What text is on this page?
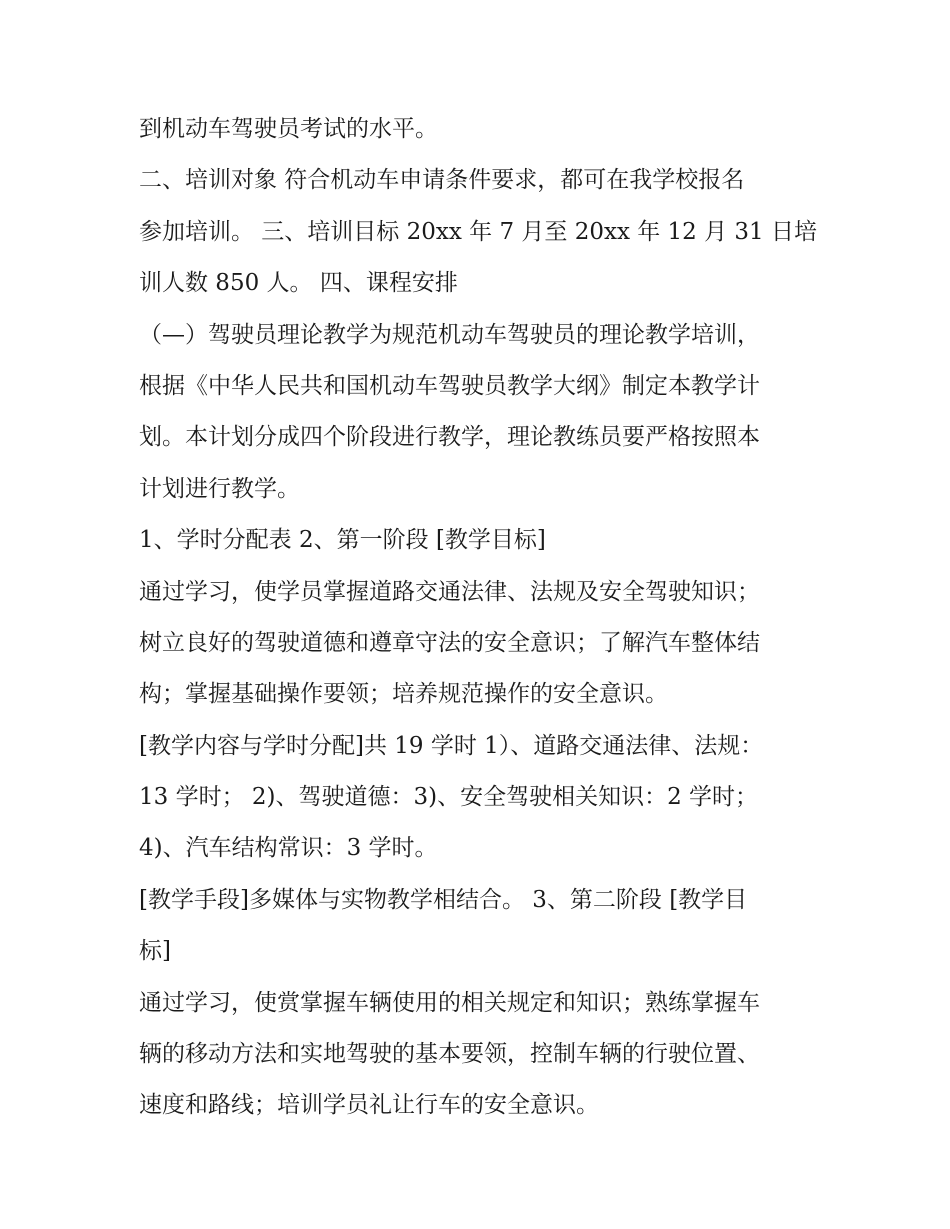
到机动车驾驶员考试的水平。
二、培训对象 符合机动车申请条件要求，都可在我学校报名
参加培训。 三、培训目标 20xx 年 7 月至 20xx 年 12 月 31 日培
训人数 850 人。 四、课程安排
（—）驾驶员理论教学为规范机动车驾驶员的理论教学培训，
根据《中华人民共和国机动车驾驶员教学大纲》制定本教学计
划。本计划分成四个阶段进行教学，理论教练员要严格按照本
计划进行教学。
1、学时分配表 2、第一阶段 [教学目标]
通过学习，使学员掌握道路交通法律、法规及安全驾驶知识；
树立良好的驾驶道德和遵章守法的安全意识；了解汽车整体结
构；掌握基础操作要领；培养规范操作的安全意识。
[教学内容与学时分配]共 19 学时 1）、道路交通法律、法规：
13 学时； 2)、驾驶道德：3)、安全驾驶相关知识：2 学时；
4)、汽车结构常识：3 学时。
[教学手段]多媒体与实物教学相结合。 3、第二阶段 [教学目
标]
通过学习，使赏掌握车辆使用的相关规定和知识；熟练掌握车
辆的移动方法和实地驾驶的基本要领，控制车辆的行驶位置、
速度和路线；培训学员礼让行车的安全意识。
